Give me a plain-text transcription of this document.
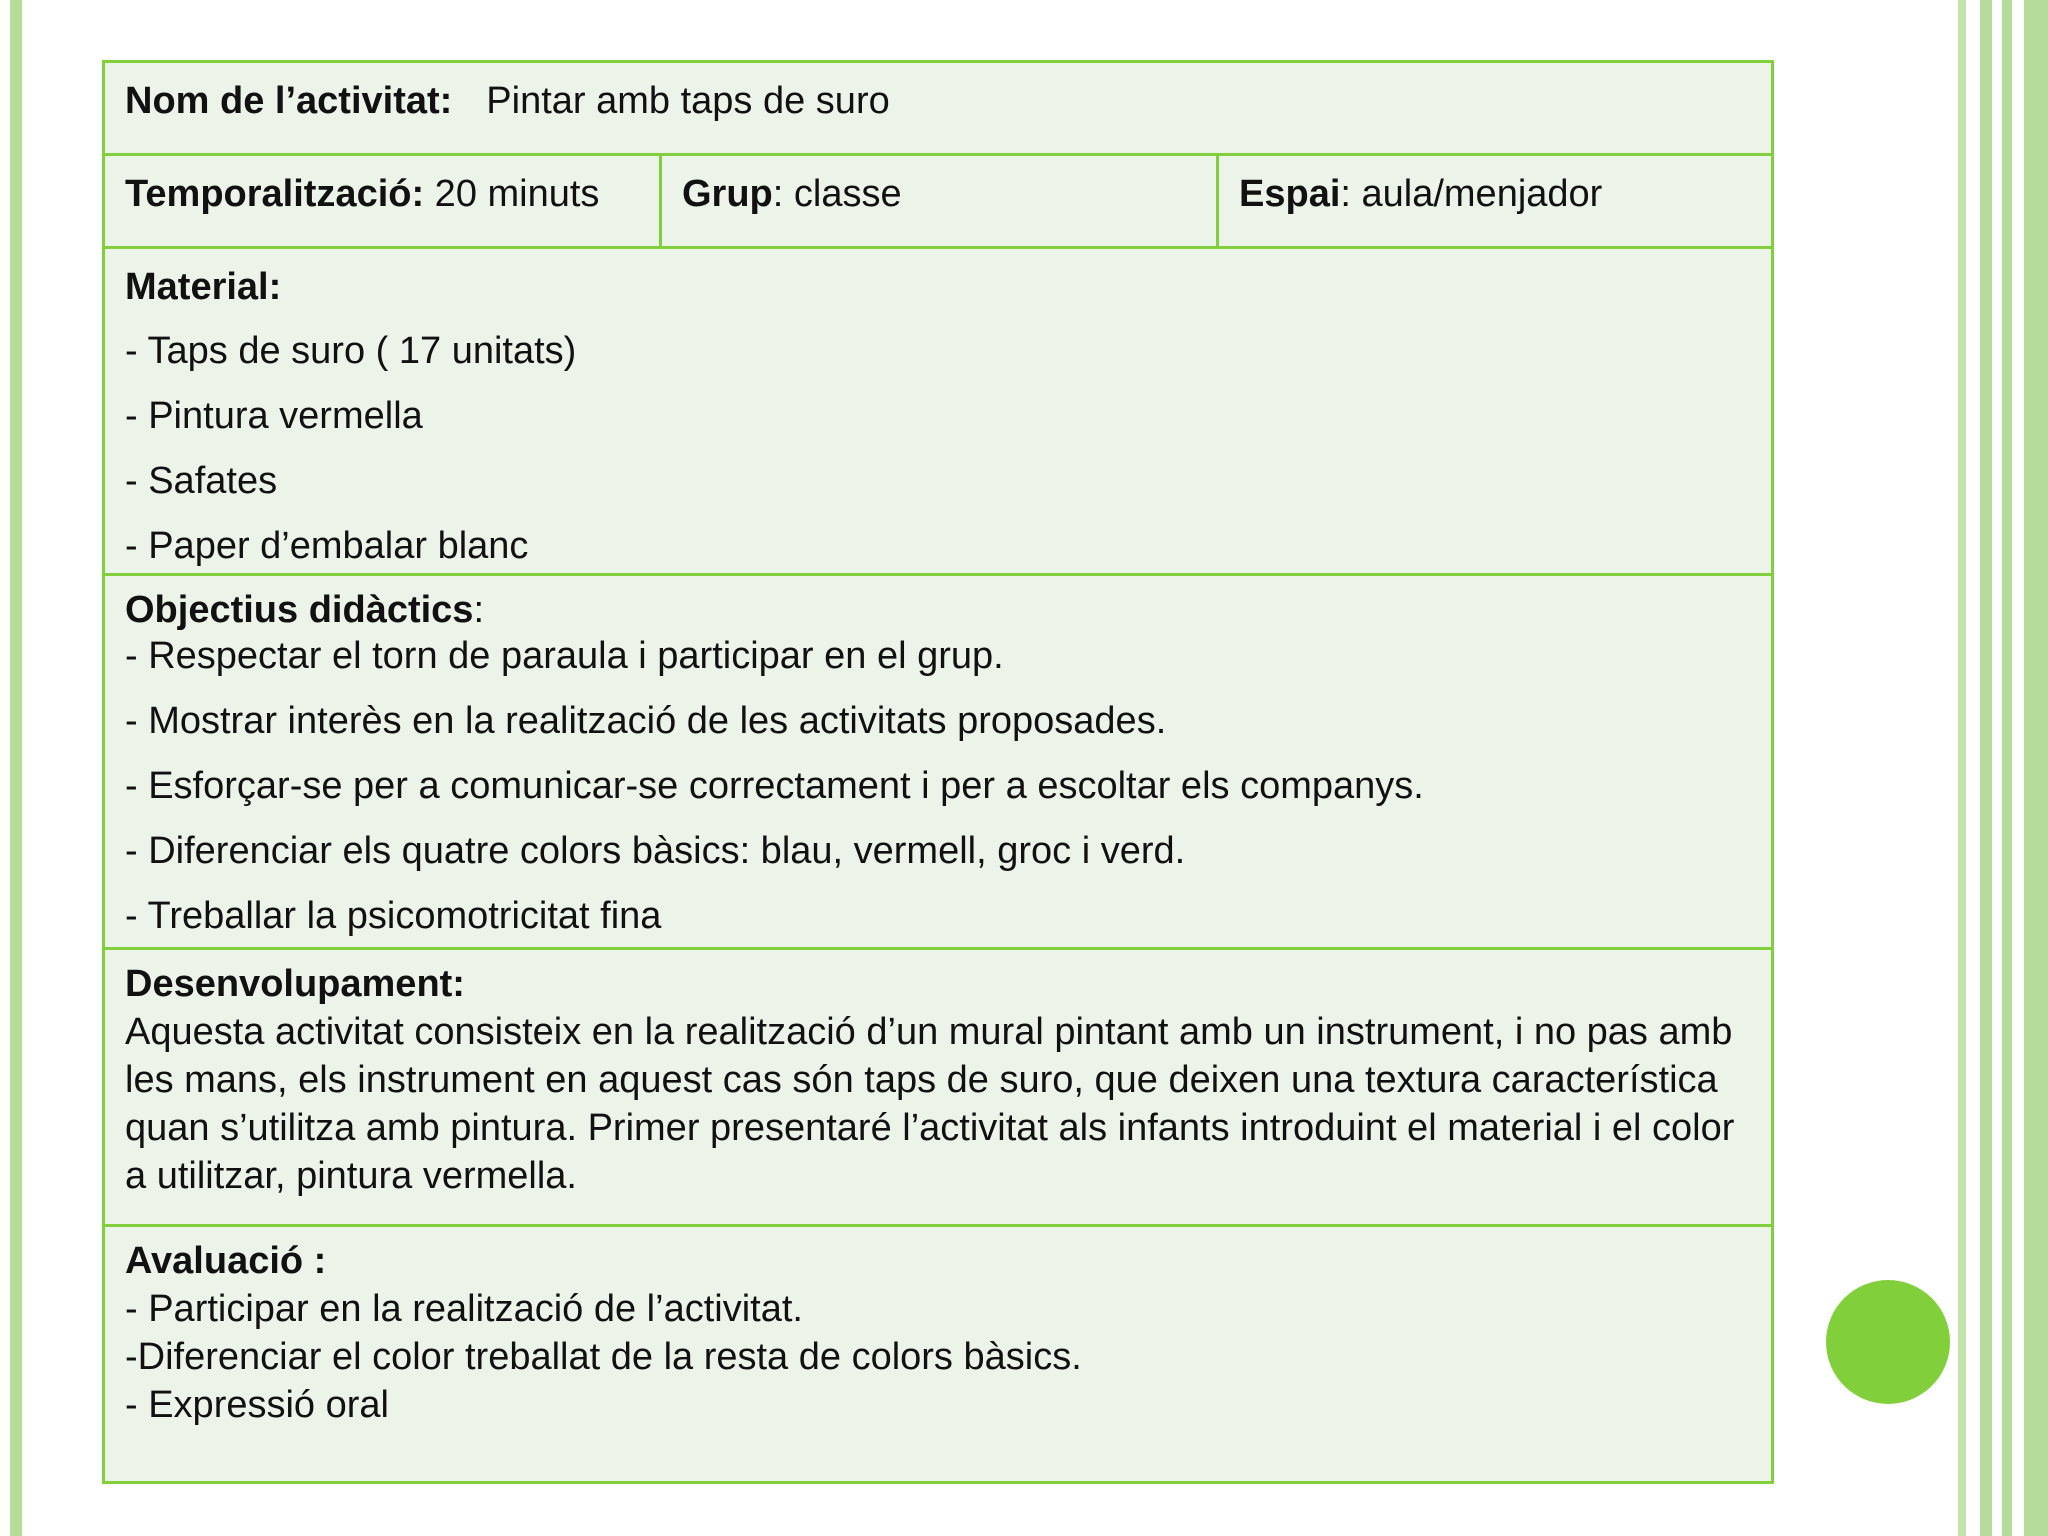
Nom de l’activitat: Pintar amb taps de suro
Temporalització: 20 minuts Grup: classe	Espai: aula/menjador
Material:
- Taps de suro ( 17 unitats)
- Pintura vermella
- Safates
- Paper d’embalar blanc
Objectius didàctics:
- Respectar el torn de paraula i participar en el grup.
- Mostrar interès en la realització de les activitats proposades.
- Esforçar-se per a comunicar-se correctament i per a escoltar els companys.
- Diferenciar els quatre colors bàsics: blau, vermell, groc i verd.
- Treballar la psicomotricitat fina
Desenvolupament:
Aquesta activitat consisteix en la realització d’un mural pintant amb un instrument, i no pas amb les mans, els instrument en aquest cas són taps de suro, que deixen una textura característica quan s’utilitza amb pintura. Primer presentaré l’activitat als infants introduint el material i el color a utilitzar, pintura vermella.
Avaluació :
- Participar en la realització de l’activitat.
-Diferenciar el color treballat de la resta de colors bàsics.
- Expressió oral
